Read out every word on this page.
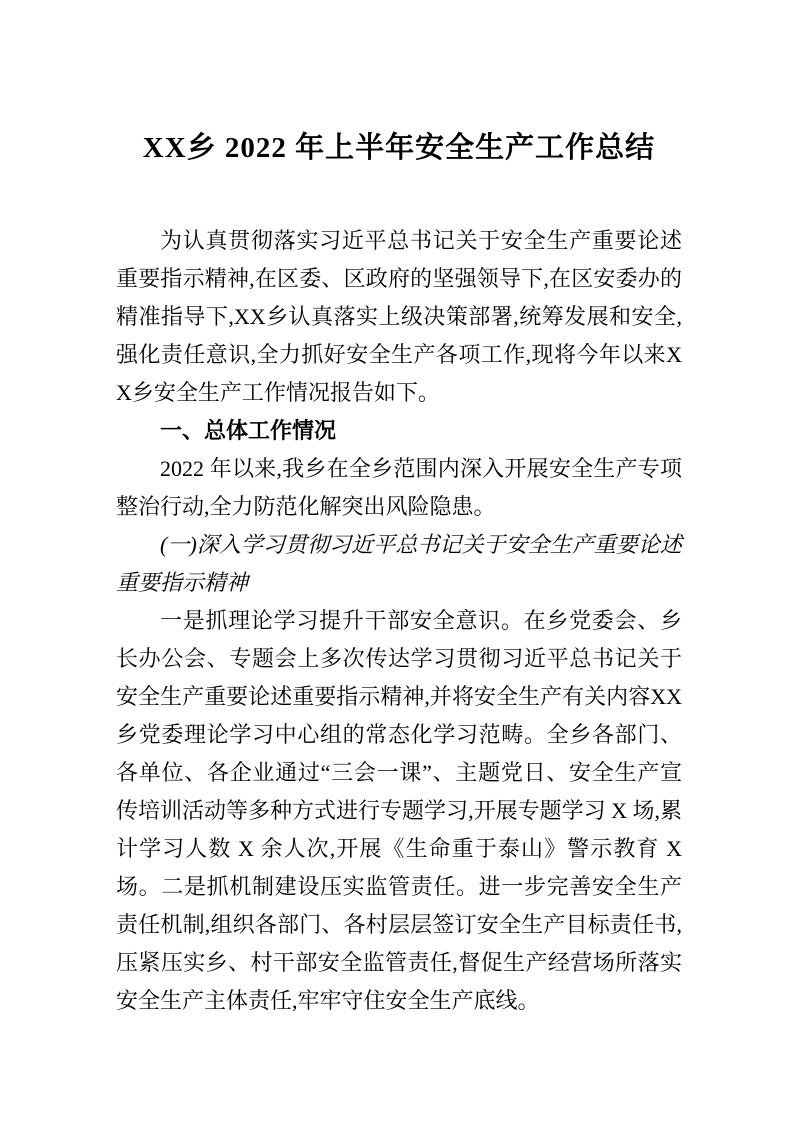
XX乡 2022 年上半年安全生产工作总结

为认真贯彻落实习近平总书记关于安全生产重要论述重要指示精神,在区委、区政府的坚强领导下,在区安委办的精准指导下,XX乡认真落实上级决策部署,统筹发展和安全,强化责任意识,全力抓好安全生产各项工作,现将今年以来XX乡安全生产工作情况报告如下。

一、总体工作情况

2022 年以来,我乡在全乡范围内深入开展安全生产专项整治行动,全力防范化解突出风险隐患。

(一)深入学习贯彻习近平总书记关于安全生产重要论述重要指示精神

一是抓理论学习提升干部安全意识。在乡党委会、乡长办公会、专题会上多次传达学习贯彻习近平总书记关于安全生产重要论述重要指示精神,并将安全生产有关内容XX乡党委理论学习中心组的常态化学习范畴。全乡各部门、各单位、各企业通过“三会一课”、主题党日、安全生产宣传培训活动等多种方式进行专题学习,开展专题学习 X 场,累计学习人数 X 余人次,开展《生命重于泰山》警示教育 X 场。二是抓机制建设压实监管责任。进一步完善安全生产责任机制,组织各部门、各村层层签订安全生产目标责任书,压紧压实乡、村干部安全监管责任,督促生产经营场所落实安全生产主体责任,牢牢守住安全生产底线。
